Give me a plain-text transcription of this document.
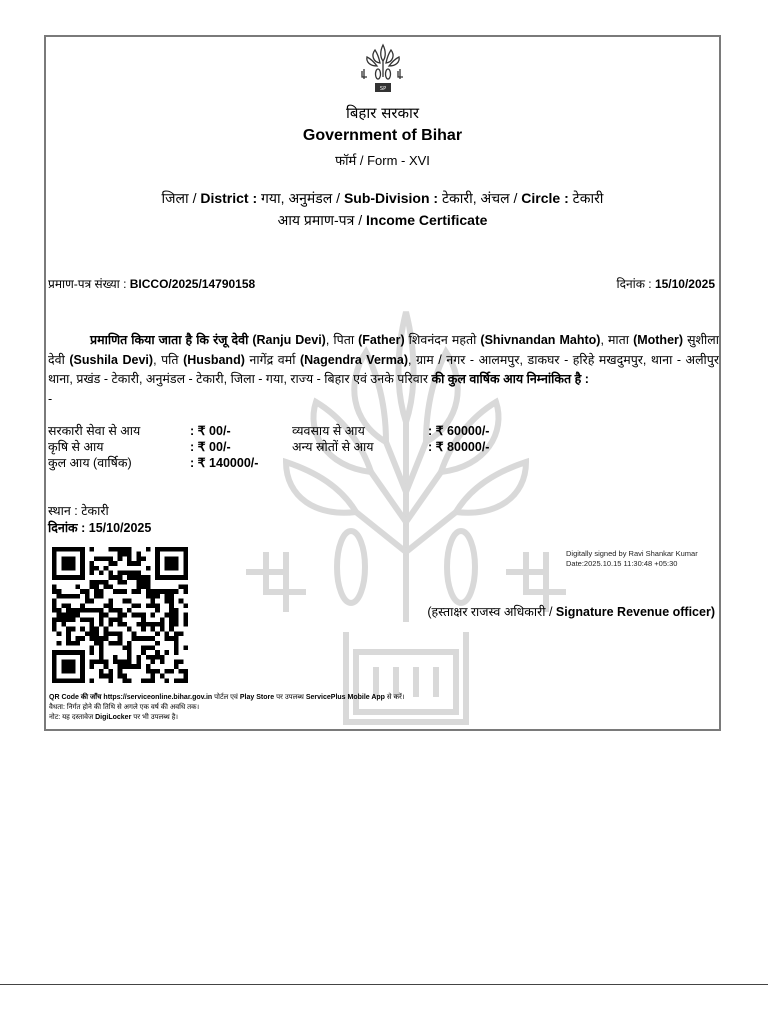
SP
बिहार सरकार
Government of Bihar
फॉर्म / Form - XVI
जिला / District : गया, अनुमंडल / Sub-Division : टेकारी, अंचल / Circle : टेकारी
आय प्रमाण-पत्र / Income Certificate
प्रमाण-पत्र संख्या : BICCO/2025/14790158	दिनांक : 15/10/2025
प्रमाणित किया जाता है कि रंजू देवी (Ranju Devi), पिता (Father) शिवनंदन महतो (Shivnandan Mahto), माता (Mother) सुशीला देवी (Sushila Devi), पति (Husband) नागेंद्र वर्मा (Nagendra Verma), ग्राम / नगर - आलमपुर, डाकघर - हरिहे मखदुमपुर, थाना - अलीपुर थाना, प्रखंड - टेकारी, अनुमंडल - टेकारी, जिला - गया, राज्य - बिहार एवं उनके परिवार की कुल वार्षिक आय निम्नांकित है :
-
सरकारी सेवा से आय	: ₹ 00/-	व्यवसाय से आय	: ₹ 60000/-
कृषि से आय	: ₹ 00/-	अन्य स्रोतों से आय	: ₹ 80000/-
कुल आय (वार्षिक)	: ₹ 140000/-
स्थान : टेकारी
दिनांक : 15/10/2025
Digitally signed by Ravi Shankar Kumar
Date:2025.10.15 11:30:48 +05:30
(हस्ताक्षर राजस्व अधिकारी / Signature Revenue officer)
QR Code की जाँच https://serviceonline.bihar.gov.in पोर्टल एवं Play Store पर उपलब्ध ServicePlus Mobile App से करें।
वैधता: निर्गत होने की तिथि से अगले एक वर्ष की अवधि तक।
नोट: यह दस्तावेज DigiLocker पर भी उपलब्ध है।
